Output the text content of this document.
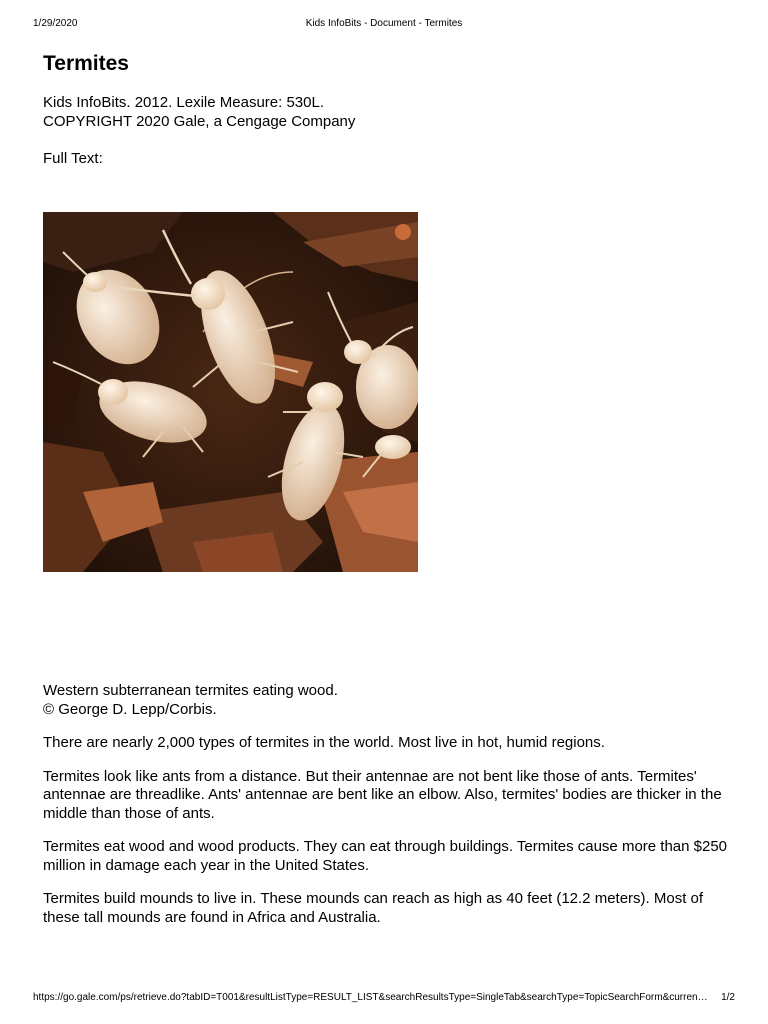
1/29/2020	Kids InfoBits - Document - Termites
Termites
Kids InfoBits. 2012. Lexile Measure: 530L.
COPYRIGHT 2020 Gale, a Cengage Company
Full Text:
Western subterranean termites eating wood.
© George D. Lepp/Corbis.

There are nearly 2,000 types of termites in the world. Most live in hot, humid regions.

Termites look like ants from a distance. But their antennae are not bent like those of ants. Termites' antennae are threadlike. Ants' antennae are bent like an elbow. Also, termites' bodies are thicker in the middle than those of ants.

Termites eat wood and wood products. They can eat through buildings. Termites cause more than $250 million in damage each year in the United States.

Termites build mounds to live in. These mounds can reach as high as 40 feet (12.2 meters). Most of these tall mounds are found in Africa and Australia.

https://go.gale.com/ps/retrieve.do?tabID=T001&resultListType=RESULT_LIST&searchResultsType=SingleTab&searchType=TopicSearchForm&curren…	1/2
